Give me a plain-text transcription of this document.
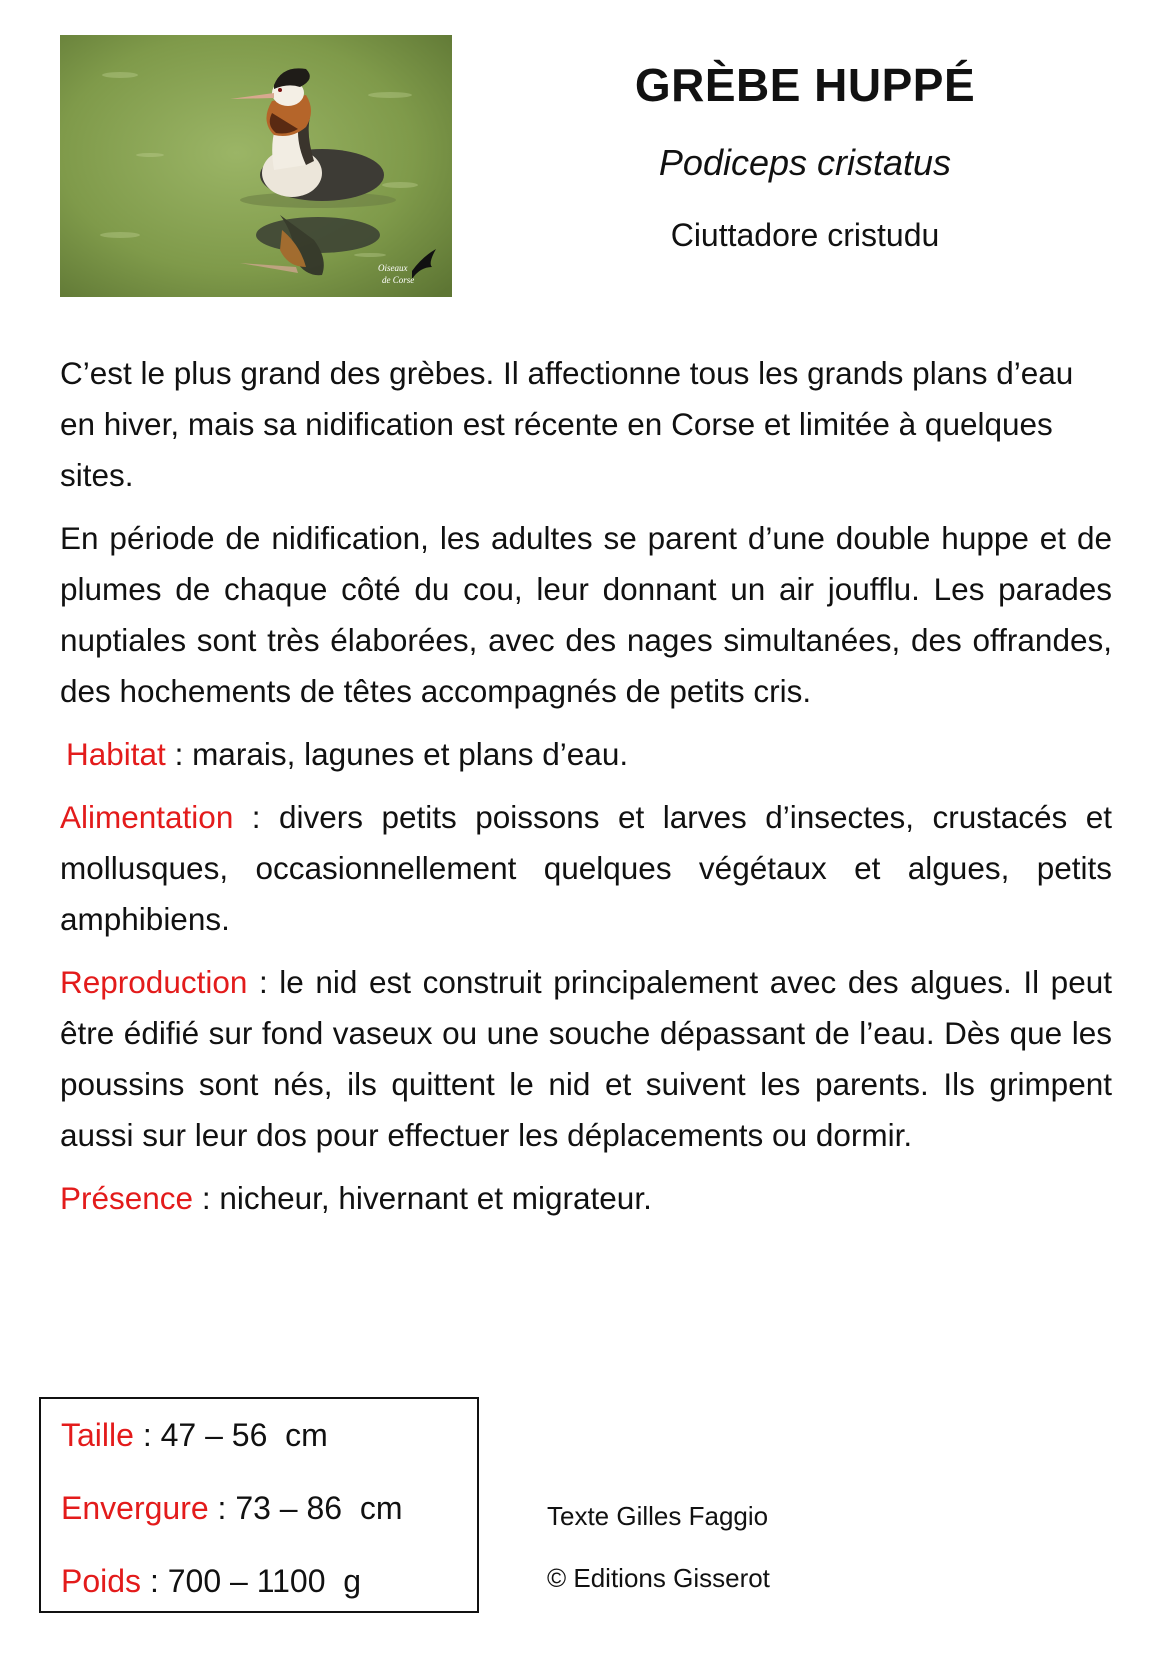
Oiseaux
de Corse
GRÈBE HUPPÉ
Podiceps cristatus
Ciuttadore cristudu

C’est le plus grand des grèbes. Il affectionne tous les grands plans d’eau en hiver, mais sa nidification est récente en Corse et limitée à quelques sites.

En période de nidification, les adultes se parent d’une double huppe et de plumes de chaque côté du cou, leur donnant un air joufflu. Les parades nuptiales sont très élaborées, avec des nages simultanées, des offrandes, des hochements de têtes accompagnés de petits cris.

Habitat : marais, lagunes et plans d’eau.

Alimentation : divers petits poissons et larves d’insectes, crustacés et mollusques, occasionnellement quelques végétaux et algues, petits amphibiens.

Reproduction : le nid est construit principalement avec des algues. Il peut être édifié sur fond vaseux ou une souche dépassant de l’eau. Dès que les poussins sont nés, ils quittent le nid et suivent les parents. Ils grimpent aussi sur leur dos pour effectuer les déplacements ou dormir.

Présence : nicheur, hivernant et migrateur.

Taille : 47 – 56  cm
Envergure : 73 – 86  cm
Poids : 700 – 1100  g
Texte Gilles Faggio
© Editions Gisserot
